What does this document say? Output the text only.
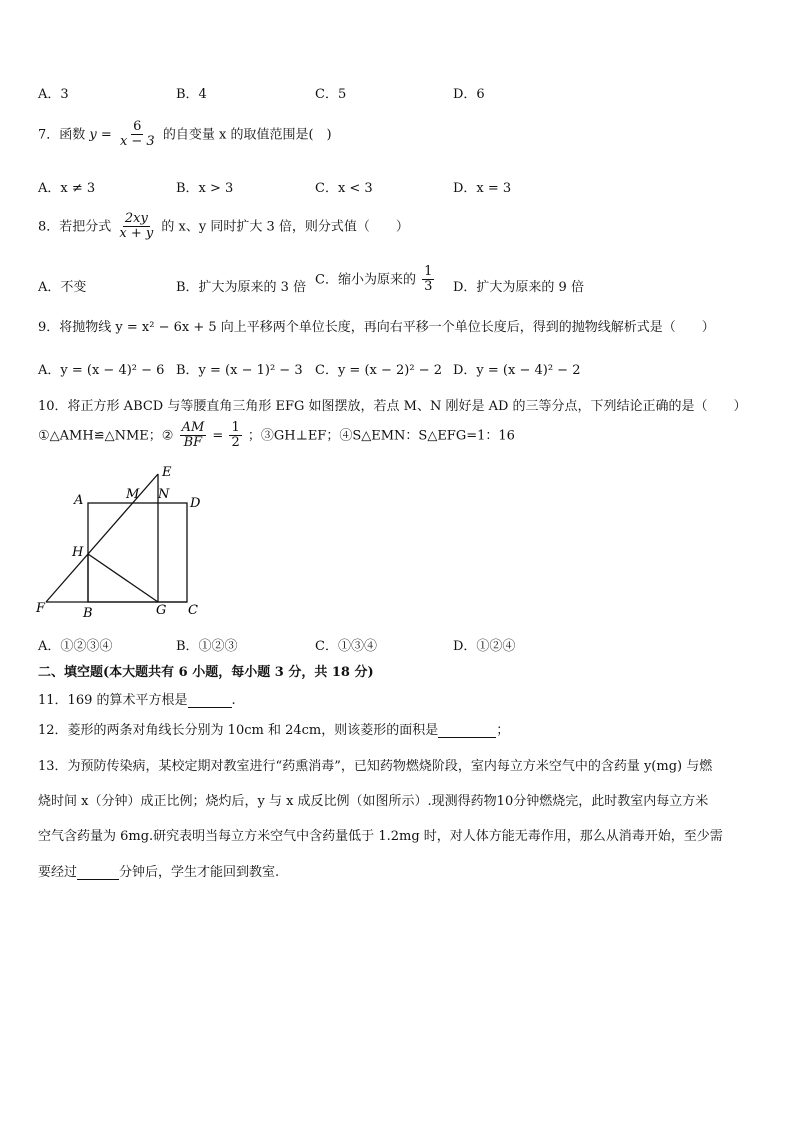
A．3	B．4	C．5	D．6
7．函数 $y = \frac{6}{x - 3}$ 的自变量 x 的取值范围是(　)
A．x ≠ 3	B．x > 3	C．x < 3	D．x = 3
8．若把分式 $\frac{2xy}{x + y}$ 的 x、y 同时扩大 3 倍，则分式值（　　）
A．不变	B．扩大为原来的 3 倍
C．缩小为原来的 $\frac{1}{3}$ D．扩大为原来的 9 倍
9．将抛物线 y = x² − 6x + 5 向上平移两个单位长度，再向右平移一个单位长度后，得到的抛物线解析式是（　　）
A．y = (x − 4)² − 6 B．y = (x − 1)² − 3 C．y = (x − 2)² − 2 D．y = (x − 4)² − 2
10．将正方形 ABCD 与等腰直角三角形 EFG 如图摆放，若点 M、N 刚好是 AD 的三等分点，下列结论正确的是（　　）
①△AMH≌△NME；② $\frac{AM}{BF} = \frac{1}{2}$ ；③GH⊥EF；④S△EMN：S△EFG=1：16
E
A	M N
D
H
F	B	G C
A．①②③④	B．①②③	C．①③④	D．①②④
二、填空题(本大题共有 6 小题，每小题 3 分，共 18 分)
11．169 的算术平方根是	.
12．菱形的两条对角线长分别为 10cm 和 24cm，则该菱形的面积是	；
13．为预防传染病，某校定期对教室进行“药熏消毒”，已知药物燃烧阶段，室内每立方米空气中的含药量 y(mg) 与燃
烧时间 x（分钟）成正比例；烧灼后，y 与 x 成反比例（如图所示）.现测得药物10分钟燃烧完，此时教室内每立方米
空气含药量为 6mg.研究表明当每立方米空气中含药量低于 1.2mg 时，对人体方能无毒作用，那么从消毒开始，至少需
要经过	分钟后，学生才能回到教室.
